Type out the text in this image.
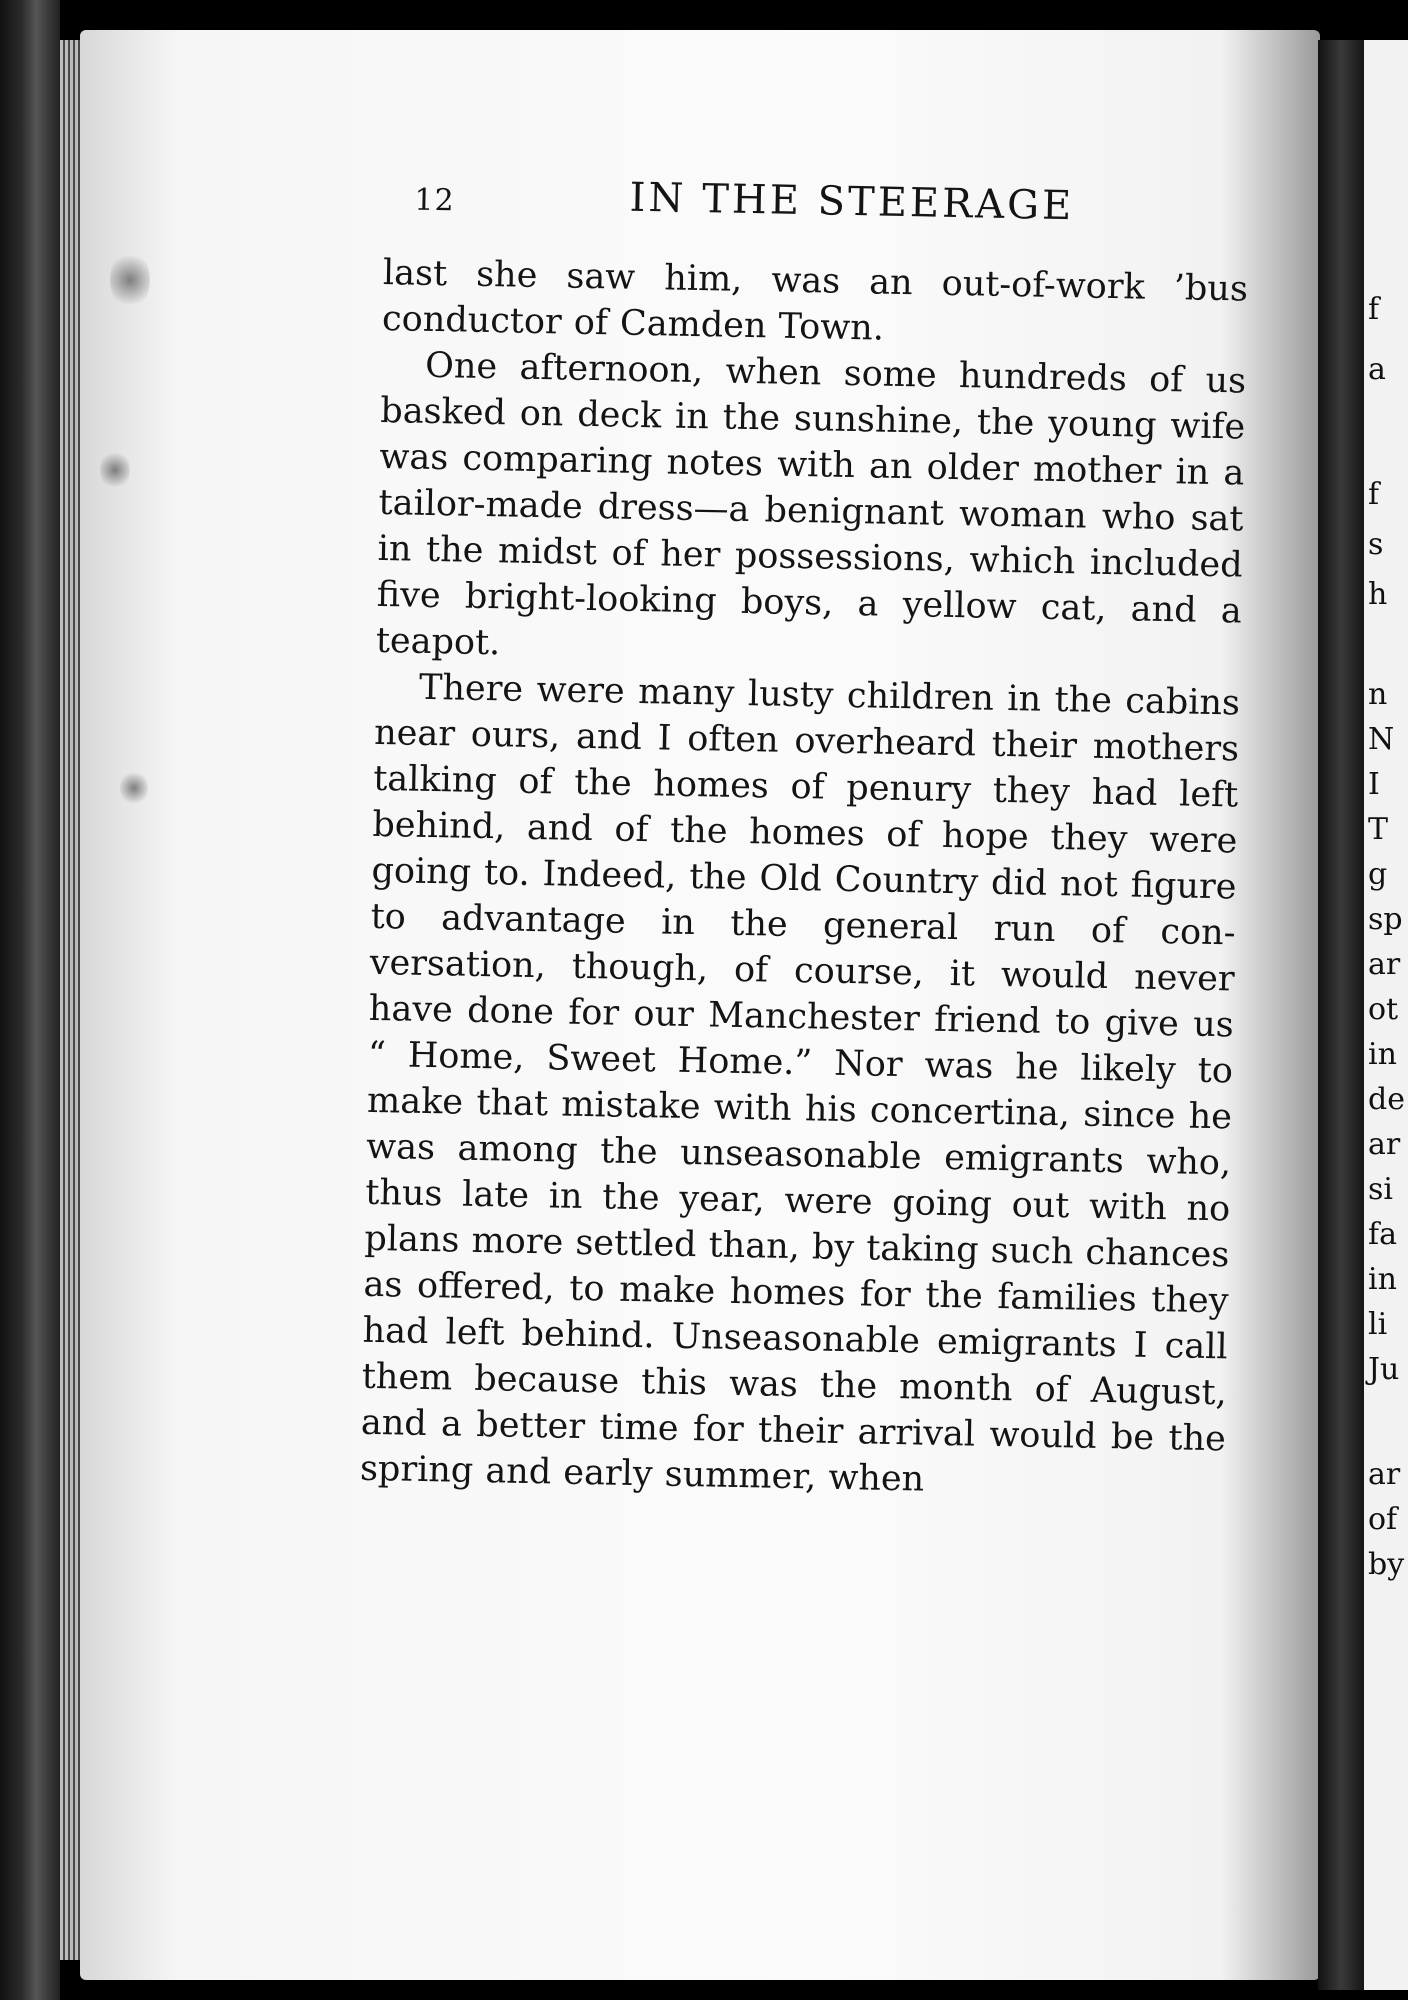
f
a
f
s
h
n
N
I
T
g
sp
ar
ot
in
de
ar
si
fa
in
li
Ju
ar
of
by
12	IN THE STEERAGE

last she saw him, was an out-of-work ’bus conductor of Camden Town.

One afternoon, when some hundreds of us basked on deck in the sunshine, the young wife was comparing notes with an older mother in a tailor-made dress—a benignant woman who sat in the midst of her possessions, which included five bright-looking boys, a yellow cat, and a teapot.

There were many lusty children in the cabins near ours, and I often overheard their mothers talking of the homes of penury they had left behind, and of the homes of hope they were going to. Indeed, the Old Country did not figure to advantage in the general run of conversation, though, of course, it would never have done for our Manchester friend to give us “ Home, Sweet Home.” Nor was he likely to make that mistake with his concertina, since he was among the unseasonable emigrants who, thus late in the year, were going out with no plans more settled than, by taking such chances as offered, to make homes for the families they had left behind. Unseasonable emigrants I call them because this was the month of August, and a better time for their arrival would be the spring and early summer, when
